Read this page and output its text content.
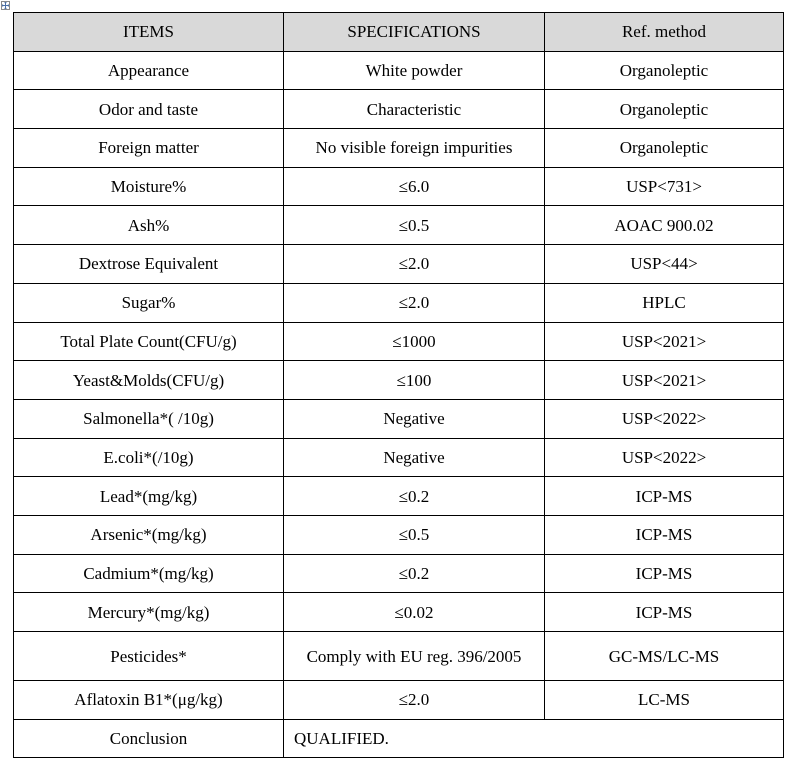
ITEMS	SPECIFICATIONS	Ref. method
Appearance	White powder	Organoleptic
Odor and taste	Characteristic	Organoleptic
Foreign matter	No visible foreign impurities	Organoleptic
Moisture%	≤6.0	USP<731>
Ash%	≤0.5	AOAC 900.02
Dextrose Equivalent	≤2.0	USP<44>
Sugar%	≤2.0	HPLC
Total Plate Count(CFU/g)	≤1000	USP<2021>
Yeast&Molds(CFU/g)	≤100	USP<2021>
Salmonella*( /10g)	Negative	USP<2022>
E.coli*(/10g)	Negative	USP<2022>
Lead*(mg/kg)	≤0.2	ICP-MS
Arsenic*(mg/kg)	≤0.5	ICP-MS
Cadmium*(mg/kg)	≤0.2	ICP-MS
Mercury*(mg/kg)	≤0.02	ICP-MS
Pesticides*	Comply with EU reg. 396/2005	GC-MS/LC-MS
Aflatoxin B1*(μg/kg)	≤2.0	LC-MS
Conclusion	QUALIFIED.	
